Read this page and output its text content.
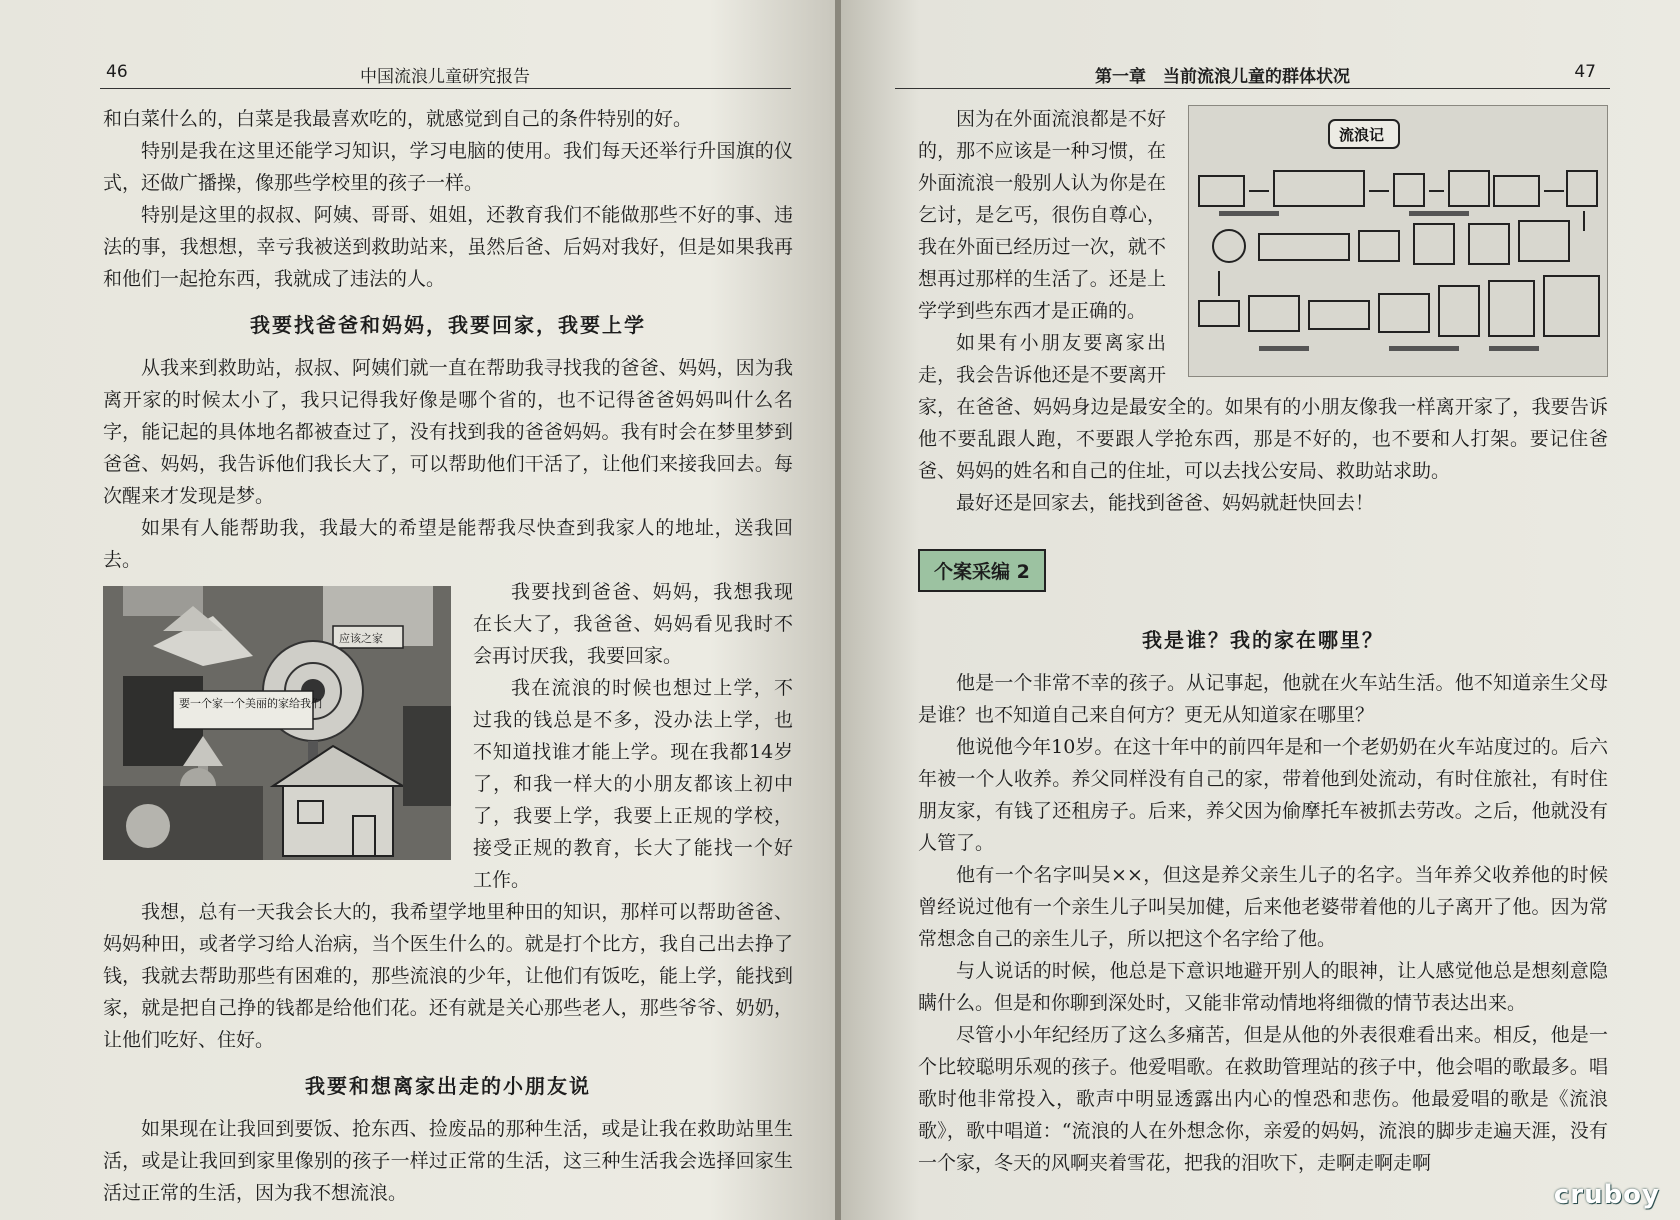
46	中国流浪儿童研究报告

和白菜什么的，白菜是我最喜欢吃的，就感觉到自己的条件特别的好。

特别是我在这里还能学习知识，学习电脑的使用。我们每天还举行升国旗的仪式，还做广播操，像那些学校里的孩子一样。

特别是这里的叔叔、阿姨、哥哥、姐姐，还教育我们不能做那些不好的事、违法的事，我想想，幸亏我被送到救助站来，虽然后爸、后妈对我好，但是如果我再和他们一起抢东西，我就成了违法的人。

我要找爸爸和妈妈，我要回家，我要上学

从我来到救助站，叔叔、阿姨们就一直在帮助我寻找我的爸爸、妈妈，因为我离开家的时候太小了，我只记得我好像是哪个省的，也不记得爸爸妈妈叫什么名字，能记起的具体地名都被查过了，没有找到我的爸爸妈妈。我有时会在梦里梦到爸爸、妈妈，我告诉他们我长大了，可以帮助他们干活了，让他们来接我回去。每次醒来才发现是梦。

如果有人能帮助我，我最大的希望是能帮我尽快查到我家人的地址，送我回去。

应该之家
要一个家一个美丽的家给我们

我要找到爸爸、妈妈，我想我现在长大了，我爸爸、妈妈看见我时不会再讨厌我，我要回家。

我在流浪的时候也想过上学，不过我的钱总是不多，没办法上学，也不知道找谁才能上学。现在我都14岁了，和我一样大的小朋友都该上初中了，我要上学，我要上正规的学校，接受正规的教育，长大了能找一个好工作。

我想，总有一天我会长大的，我希望学地里种田的知识，那样可以帮助爸爸、妈妈种田，或者学习给人治病，当个医生什么的。就是打个比方，我自己出去挣了钱，我就去帮助那些有困难的，那些流浪的少年，让他们有饭吃，能上学，能找到家，就是把自己挣的钱都是给他们花。还有就是关心那些老人，那些爷爷、奶奶，让他们吃好、住好。

我要和想离家出走的小朋友说

如果现在让我回到要饭、抢东西、捡废品的那种生活，或是让我在救助站里生活，或是让我回到家里像别的孩子一样过正常的生活，这三种生活我会选择回家生活过正常的生活，因为我不想流浪。

第一章　当前流浪儿童的群体状况	47
流浪记

因为在外面流浪都是不好的，那不应该是一种习惯，在外面流浪一般别人认为你是在乞讨，是乞丐，很伤自尊心，我在外面已经历过一次，就不想再过那样的生活了。还是上学学到些东西才是正确的。

如果有小朋友要离家出走，我会告诉他还是不要离开家，在爸爸、妈妈身边是最安全的。如果有的小朋友像我一样离开家了，我要告诉他不要乱跟人跑，不要跟人学抢东西，那是不好的，也不要和人打架。要记住爸爸、妈妈的姓名和自己的住址，可以去找公安局、救助站求助。

最好还是回家去，能找到爸爸、妈妈就赶快回去！

个案采编 2
我是谁？我的家在哪里？

他是一个非常不幸的孩子。从记事起，他就在火车站生活。他不知道亲生父母是谁？也不知道自己来自何方？更无从知道家在哪里？

他说他今年10岁。在这十年中的前四年是和一个老奶奶在火车站度过的。后六年被一个人收养。养父同样没有自己的家，带着他到处流动，有时住旅社，有时住朋友家，有钱了还租房子。后来，养父因为偷摩托车被抓去劳改。之后，他就没有人管了。

他有一个名字叫吴××，但这是养父亲生儿子的名字。当年养父收养他的时候曾经说过他有一个亲生儿子叫吴加健，后来他老婆带着他的儿子离开了他。因为常常想念自己的亲生儿子，所以把这个名字给了他。

与人说话的时候，他总是下意识地避开别人的眼神，让人感觉他总是想刻意隐瞒什么。但是和你聊到深处时，又能非常动情地将细微的情节表达出来。

尽管小小年纪经历了这么多痛苦，但是从他的外表很难看出来。相反，他是一个比较聪明乐观的孩子。他爱唱歌。在救助管理站的孩子中，他会唱的歌最多。唱歌时他非常投入，歌声中明显透露出内心的惶恐和悲伤。他最爱唱的歌是《流浪歌》，歌中唱道：“流浪的人在外想念你，亲爱的妈妈，流浪的脚步走遍天涯，没有一个家，冬天的风啊夹着雪花，把我的泪吹下，走啊走啊走啊

cruboy
